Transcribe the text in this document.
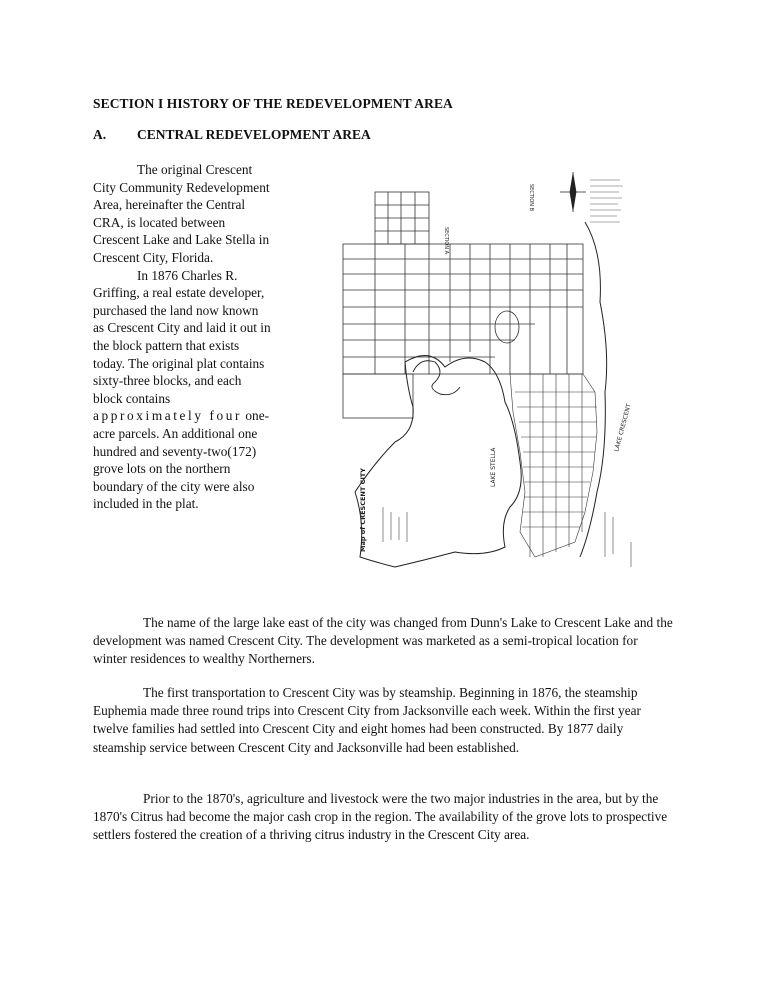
SECTION I HISTORY OF THE REDEVELOPMENT AREA
A.	CENTRAL REDEVELOPMENT AREA

The original Crescent City Community Redevelopment Area, hereinafter the Central CRA, is located between Crescent Lake and Lake Stella in Crescent City, Florida.

In 1876 Charles R. Griffing, a real estate developer, purchased the land now known as Crescent City and laid it out in the block pattern that exists today. The original plat contains sixty-three blocks, and each block contains approximately four one-acre parcels. An additional one hundred and seventy-two(172) grove lots on the northern boundary of the city were also included in the plat.

LAKE STELLA
LAKE CRESCENT
Map of CRESCENT CITY
SECTION A
SECTION B

The name of the large lake east of the city was changed from Dunn's Lake to Crescent Lake and the development was named Crescent City. The development was marketed as a semi-tropical location for winter residences to wealthy Northerners.

The first transportation to Crescent City was by steamship. Beginning in 1876, the steamship Euphemia made three round trips into Crescent City from Jacksonville each week. Within the first year twelve families had settled into Crescent City and eight homes had been constructed. By 1877 daily steamship service between Crescent City and Jacksonville had been established.

Prior to the 1870's, agriculture and livestock were the two major industries in the area, but by the 1870's Citrus had become the major cash crop in the region. The availability of the grove lots to prospective settlers fostered the creation of a thriving citrus industry in the Crescent City area.
